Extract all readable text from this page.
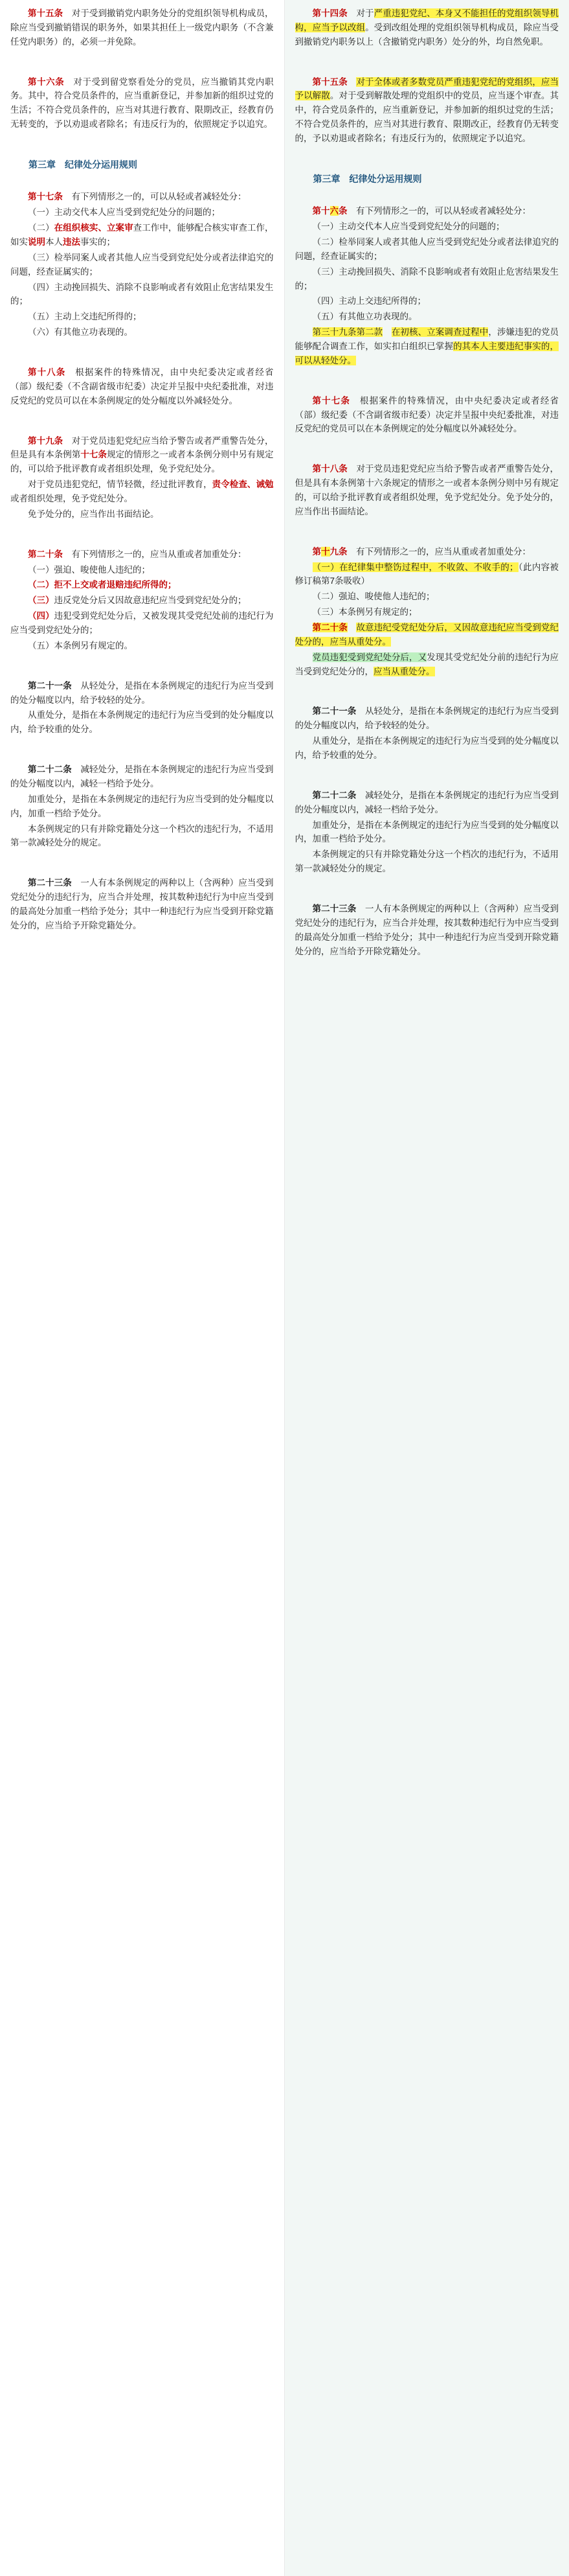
第十五条　对于受到撤销党内职务处分的党组织领导机构成员，除应当受到撤销错误的职务外，如果其担任上一级党内职务（不含兼任党内职务）的，必须一并免除。

第十六条　对于受到留党察看处分的党员，应当撤销其党内职务。其中，符合党员条件的，应当重新登记，并参加新的组织过党的生活；不符合党员条件的，应当对其进行教育、限期改正，经教育仍无转变的，予以劝退或者除名；有违反行为的，依照规定予以追究。

第三章　纪律处分运用规则

第十七条　有下列情形之一的，可以从轻或者减轻处分：

（一）主动交代本人应当受到党纪处分的问题的；

（二）在组织核实、立案审查工作中，能够配合核实审查工作，如实说明本人违法事实的；

（三）检举同案人或者其他人应当受到党纪处分或者法律追究的问题，经查证属实的；

（四）主动挽回损失、消除不良影响或者有效阻止危害结果发生的；

（五）主动上交违纪所得的；

（六）有其他立功表现的。

第十八条　根据案件的特殊情况，由中央纪委决定或者经省（部）级纪委（不含副省级市纪委）决定并呈报中央纪委批准，对违反党纪的党员可以在本条例规定的处分幅度以外减轻处分。

第十九条　对于党员违犯党纪应当给予警告或者严重警告处分，但是具有本条例第十七条规定的情形之一或者本条例分则中另有规定的，可以给予批评教育或者组织处理，免予党纪处分。

对于党员违犯党纪，情节轻微，经过批评教育，责令检查、诫勉或者组织处理，免予党纪处分。

免予处分的，应当作出书面结论。

第二十条　有下列情形之一的，应当从重或者加重处分：

（一）强迫、唆使他人违纪的；

（二）拒不上交或者退赔违纪所得的；

（三）违反党处分后又因故意违纪应当受到党纪处分的；

（四）违犯受到党纪处分后，又被发现其受党纪处前的违纪行为应当受到党纪处分的；

（五）本条例另有规定的。

第二十一条　从轻处分，是指在本条例规定的违纪行为应当受到的处分幅度以内，给予较轻的处分。

从重处分，是指在本条例规定的违纪行为应当受到的处分幅度以内，给予较重的处分。

第二十二条　减轻处分，是指在本条例规定的违纪行为应当受到的处分幅度以内，减轻一档给予处分。

加重处分，是指在本条例规定的违纪行为应当受到的处分幅度以内，加重一档给予处分。

本条例规定的只有并除党籍处分这一个档次的违纪行为，不适用第一款减轻处分的规定。

第二十三条　一人有本条例规定的两种以上（含两种）应当受到党纪处分的违纪行为，应当合并处理，按其数种违纪行为中应当受到的最高处分加重一档给予处分；其中一种违纪行为应当受到开除党籍处分的，应当给予开除党籍处分。

第十四条　对于严重违犯党纪、本身又不能担任的党组织领导机构，应当予以改组。受到改组处理的党组织领导机构成员，除应当受到撤销党内职务以上（含撤销党内职务）处分的外，均自然免职。

第十五条　 对于全体或者多数党员严重违犯党纪的党组织，应当予以解散。对于受到解散处理的党组织中的党员，应当逐个审查。其中，符合党员条件的，应当重新登记，并参加新的组织过党的生活；不符合党员条件的，应当对其进行教育、限期改正，经教育仍无转变的，予以劝退或者除名；有违反行为的，依照规定予以追究。

第三章　纪律处分运用规则

第十六条　有下列情形之一的，可以从轻或者减轻处分：

（一）主动交代本人应当受到党纪处分的问题的；

（二）检举同案人或者其他人应当受到党纪处分或者法律追究的问题，经查证属实的；

（三）主动挽回损失、消除不良影响或者有效阻止危害结果发生的；

（四）主动上交违纪所得的；

（五）有其他立功表现的。

第三十九条第二款　 在初核、立案调查过程中，涉嫌违犯的党员能够配合调查工作，如实扣白组织已掌握的其本人主要违纪事实的，可以从轻处分。

第十七条　根据案件的特殊情况，由中央纪委决定或者经省（部）级纪委（不含副省级市纪委）决定并呈报中央纪委批准，对违反党纪的党员可以在本条例规定的处分幅度以外减轻处分。

第十八条　对于党员违犯党纪应当给予警告或者严重警告处分，但是具有本条例第十六条规定的情形之一或者本条例分则中另有规定的，可以给予批评教育或者组织处理，免予党纪处分。免予处分的，应当作出书面结论。

第十九条　有下列情形之一的，应当从重或者加重处分：

（一）在纪律集中整饬过程中，不收敛、不收手的；（此内容被修订稿第7条吸收）

（二）强迫、唆使他人违纪的；

（三）本条例另有规定的；

第二十条　 故意违纪受党纪处分后，又因故意违纪应当受到党纪处分的，应当从重处分。

党员违犯受到党纪处分后，又发现其受党纪处分前的违纪行为应当受到党纪处分的，应当从重处分。

第二十一条　从轻处分，是指在本条例规定的违纪行为应当受到的处分幅度以内，给予较轻的处分。

从重处分，是指在本条例规定的违纪行为应当受到的处分幅度以内，给予较重的处分。

第二十二条　减轻处分，是指在本条例规定的违纪行为应当受到的处分幅度以内，减轻一档给予处分。

加重处分，是指在本条例规定的违纪行为应当受到的处分幅度以内，加重一档给予处分。

本条例规定的只有并除党籍处分这一个档次的违纪行为，不适用第一款减轻处分的规定。

第二十三条　一人有本条例规定的两种以上（含两种）应当受到党纪处分的违纪行为，应当合并处理，按其数种违纪行为中应当受到的最高处分加重一档给予处分；其中一种违纪行为应当受到开除党籍处分的，应当给予开除党籍处分。
